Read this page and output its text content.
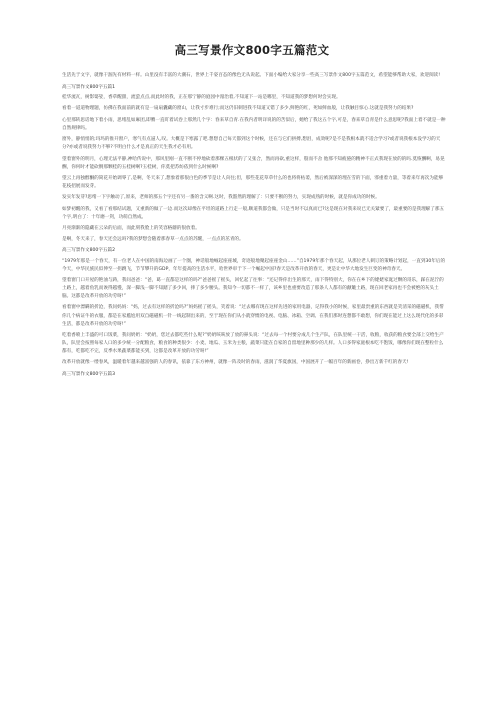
高三写景作文800字五篇范文

生活先于文字，就像干涸先有材料一样。山里没有丰富的大潮石，世界上千姿百态的像色无从说起。下面小编给大家分享一些高三写景作文800字五篇范文，希望能够帮助大家，欢迎阅读!

高三写景作文800字五篇1

桂华流瓦，树影婆娑，香草醒甜，流萤点点,而此时的我，正在那宁静的庭园中漫治着,不知道下一站是哪里，不知道我的梦想何时会实现。

看着一道道物理题，仿佛在我面前的就有是一扇扇囊藏的窗山，让我寸步难行;而这仍旧刺进我不知道又错了多少,鲜艳的红，死如鲜血般，让我触目惊心.这就是我努力的结果?

心里那转思话地下着小雨，思绪乱如麻团,即膊一直盯着试卷上那然几个字：春来草自青.在我内者明详说的的苦似后，她给了我这五个字,可是，春来草自青是什么意思呢?我面上着不就是一种自然规律吗。

窗外，静悄悄的;玛玛的推开窗户，寒气有点逼人,叹。大概是下寒露了吧.想想自己每天都到这个时候，还在与它们拼搏,想泪，成效呢?是不是我根本就不适合学习?或者说我根本没学习的天分?亦或者说我努力不够?不明白什么才是真正的天生我才必有用。

望着窗外的明月，心理无法平静,神哈传说中，那风里刚一直不断不停地砍着那棵五根状的了又张合，然而再砍,重这样，殷而不舍 他那不知疲倦的精神不正式我现在放的的吗.莫恢酬啊，易晃酬，你何时才能砍倒那颗桂的五桂树啊?玉桂树，你莫把苏纺依到什么时候啊?

望云上再独醇酮的简花开始调零了,是啊，冬天来了,想象着那很白色的季节是让人向往;但，那些花花草草什么的也将将枯萎，然后被深深的埋在雪的下面，邪重着力量，等着来年再次为能够花枝招展而发芽。

发实年发芽?思绪一下字触动了,原来，老师的那五个字还有另一番的含义啊.这时，我豁然的理解了：只要不断的努力，实现成熟的时候，就是你成功的时候。

如梦初醒的我，又看了看那结试题，又重新的做了一边.而这次却像在平坦的道路上行走一般,顺道我都会做，只是当时不以真而已?这是现在对我来说已无关紧要了，最重要的是我理解了那五个字,明白了：十年磨一剑，功萌自然成。

月亮渐渐的隐藏在云朵的后面，而此刻我脸上的笑容格蘑的很放着。

是啊，冬天来了，春天还会远吗?我的梦想会随着那春草一点点的苏醒，一点点的茁青的。

高三写景作文800字五篇2

“1979年那是一个春天，有一位老人在中国的南海边画了一个圈，神话般地崛起座座城，奇迹般地聚起座座金山……”自1979年那个春天起，从那位老人刺订的策略计划起，一直到30年后的今天，中华民族民似伸至一拐跳飞，节节攀升的GDP，年年提高的生活水平，哈世界审于下一个崛起中国?春天是改革开放的春天，更是让中华大地发生巨变的神奇春天。

望着窗门口开屋的艳油与踌，我问爸爸：“爸，葛一直都是这样的吗?”爸爸摇了摇头，回忆起了往事：“还记得你出生的那天，雨下得特别大，你在在乡下的姥姥家诞过颗的哥乐，踩在泥泞的土路上，越着鱼乳而诶得越慢，深一脚浅一脚不知踏了多少回，摔了多少腰头。我知今一切都不一样了，该乡里也重要改造了那条人人都有的颠簸土路，现在回老家再也不会被绝的灰头土脑。这都是改革开放的功劳呀!”

看着窗中漂瞒的折沧，我问妈妈：“妈，过去有这样的折沧吗?”妈妈摇了摇头，笑着说：“过去哪有现在这样先进的家用电器，记得我小的时候，家里最贵重的东西就是笑清采的磁磁机，我帮你几个病证牛的衣服，都是在家尴尬用双自磁磁机一针一线起制出来的，至于现在你们从小就穿惯的电视、电脑、冰箱、空调、在我们那时连想都不敢想，你们现在能过上这么现代化的多彩生活，都是改革开放的功劳呀!”

吃着香喷上丰盛的可口饭菜，我问奶奶：“奶奶，您过去都吃些什么呢?”奶奶咳咳放了放的鼻头说：“过去每一个村要分成几个生产队，在队里统一干活，收粮，收获的粮食要全部上交给生产队，队里会按照每家人口的多少统一分配粮食，粮食的种类很少：小麦、地瓜、玉米为主粮，蔬菜只能在自家的自留地里种那少的几样。人口多得家庭根本吃不饱饭，哪像你们现在整粒什么都有，吃都吃不完，反季水果蔬菜都能买到，这都是改革开放的功劳呀!”

改革开放就像一缕春风，温暖着年越来越富强的人的春讯，依靠了东方神州，就像一阵及时的春雨，滋润了华夏旗国，中国展开了一幅百年的新画卷，挣出万新千红的春天!

高三写景作文800字五篇3
